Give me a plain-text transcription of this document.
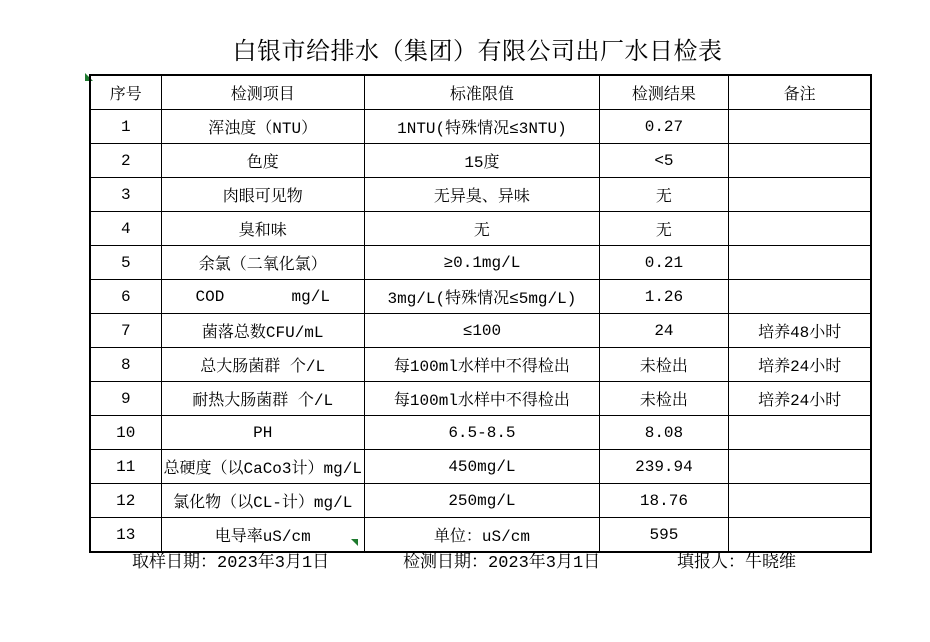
白银市给排水（集团）有限公司出厂水日检表
序号	检测项目	标准限值	检测结果	备注
1	浑浊度（NTU）	1NTU(特殊情况≤3NTU)	0.27	
2	色度	15度	<5	
3	肉眼可见物	无异臭、异味	无	
4	臭和味	无	无	
5	余氯（二氧化氯）	≥0.1mg/L	0.21	
6	COD       mg/L	3mg/L(特殊情况≤5mg/L)	1.26	
7	菌落总数CFU/mL	≤100	24	培养48小时
8	总大肠菌群 个/L	每100ml水样中不得检出	未检出	培养24小时
9	耐热大肠菌群 个/L	每100ml水样中不得检出	未检出	培养24小时
10	PH	6.5-8.5	8.08	
11	总硬度（以CaCo3计）mg/L	450mg/L	239.94	
12	氯化物（以CL-计）mg/L	250mg/L	18.76	
13	电导率uS/cm	单位：uS/cm	595	
取样日期：2023年3月1日	检测日期：2023年3月1日	填报人：牛晓维
